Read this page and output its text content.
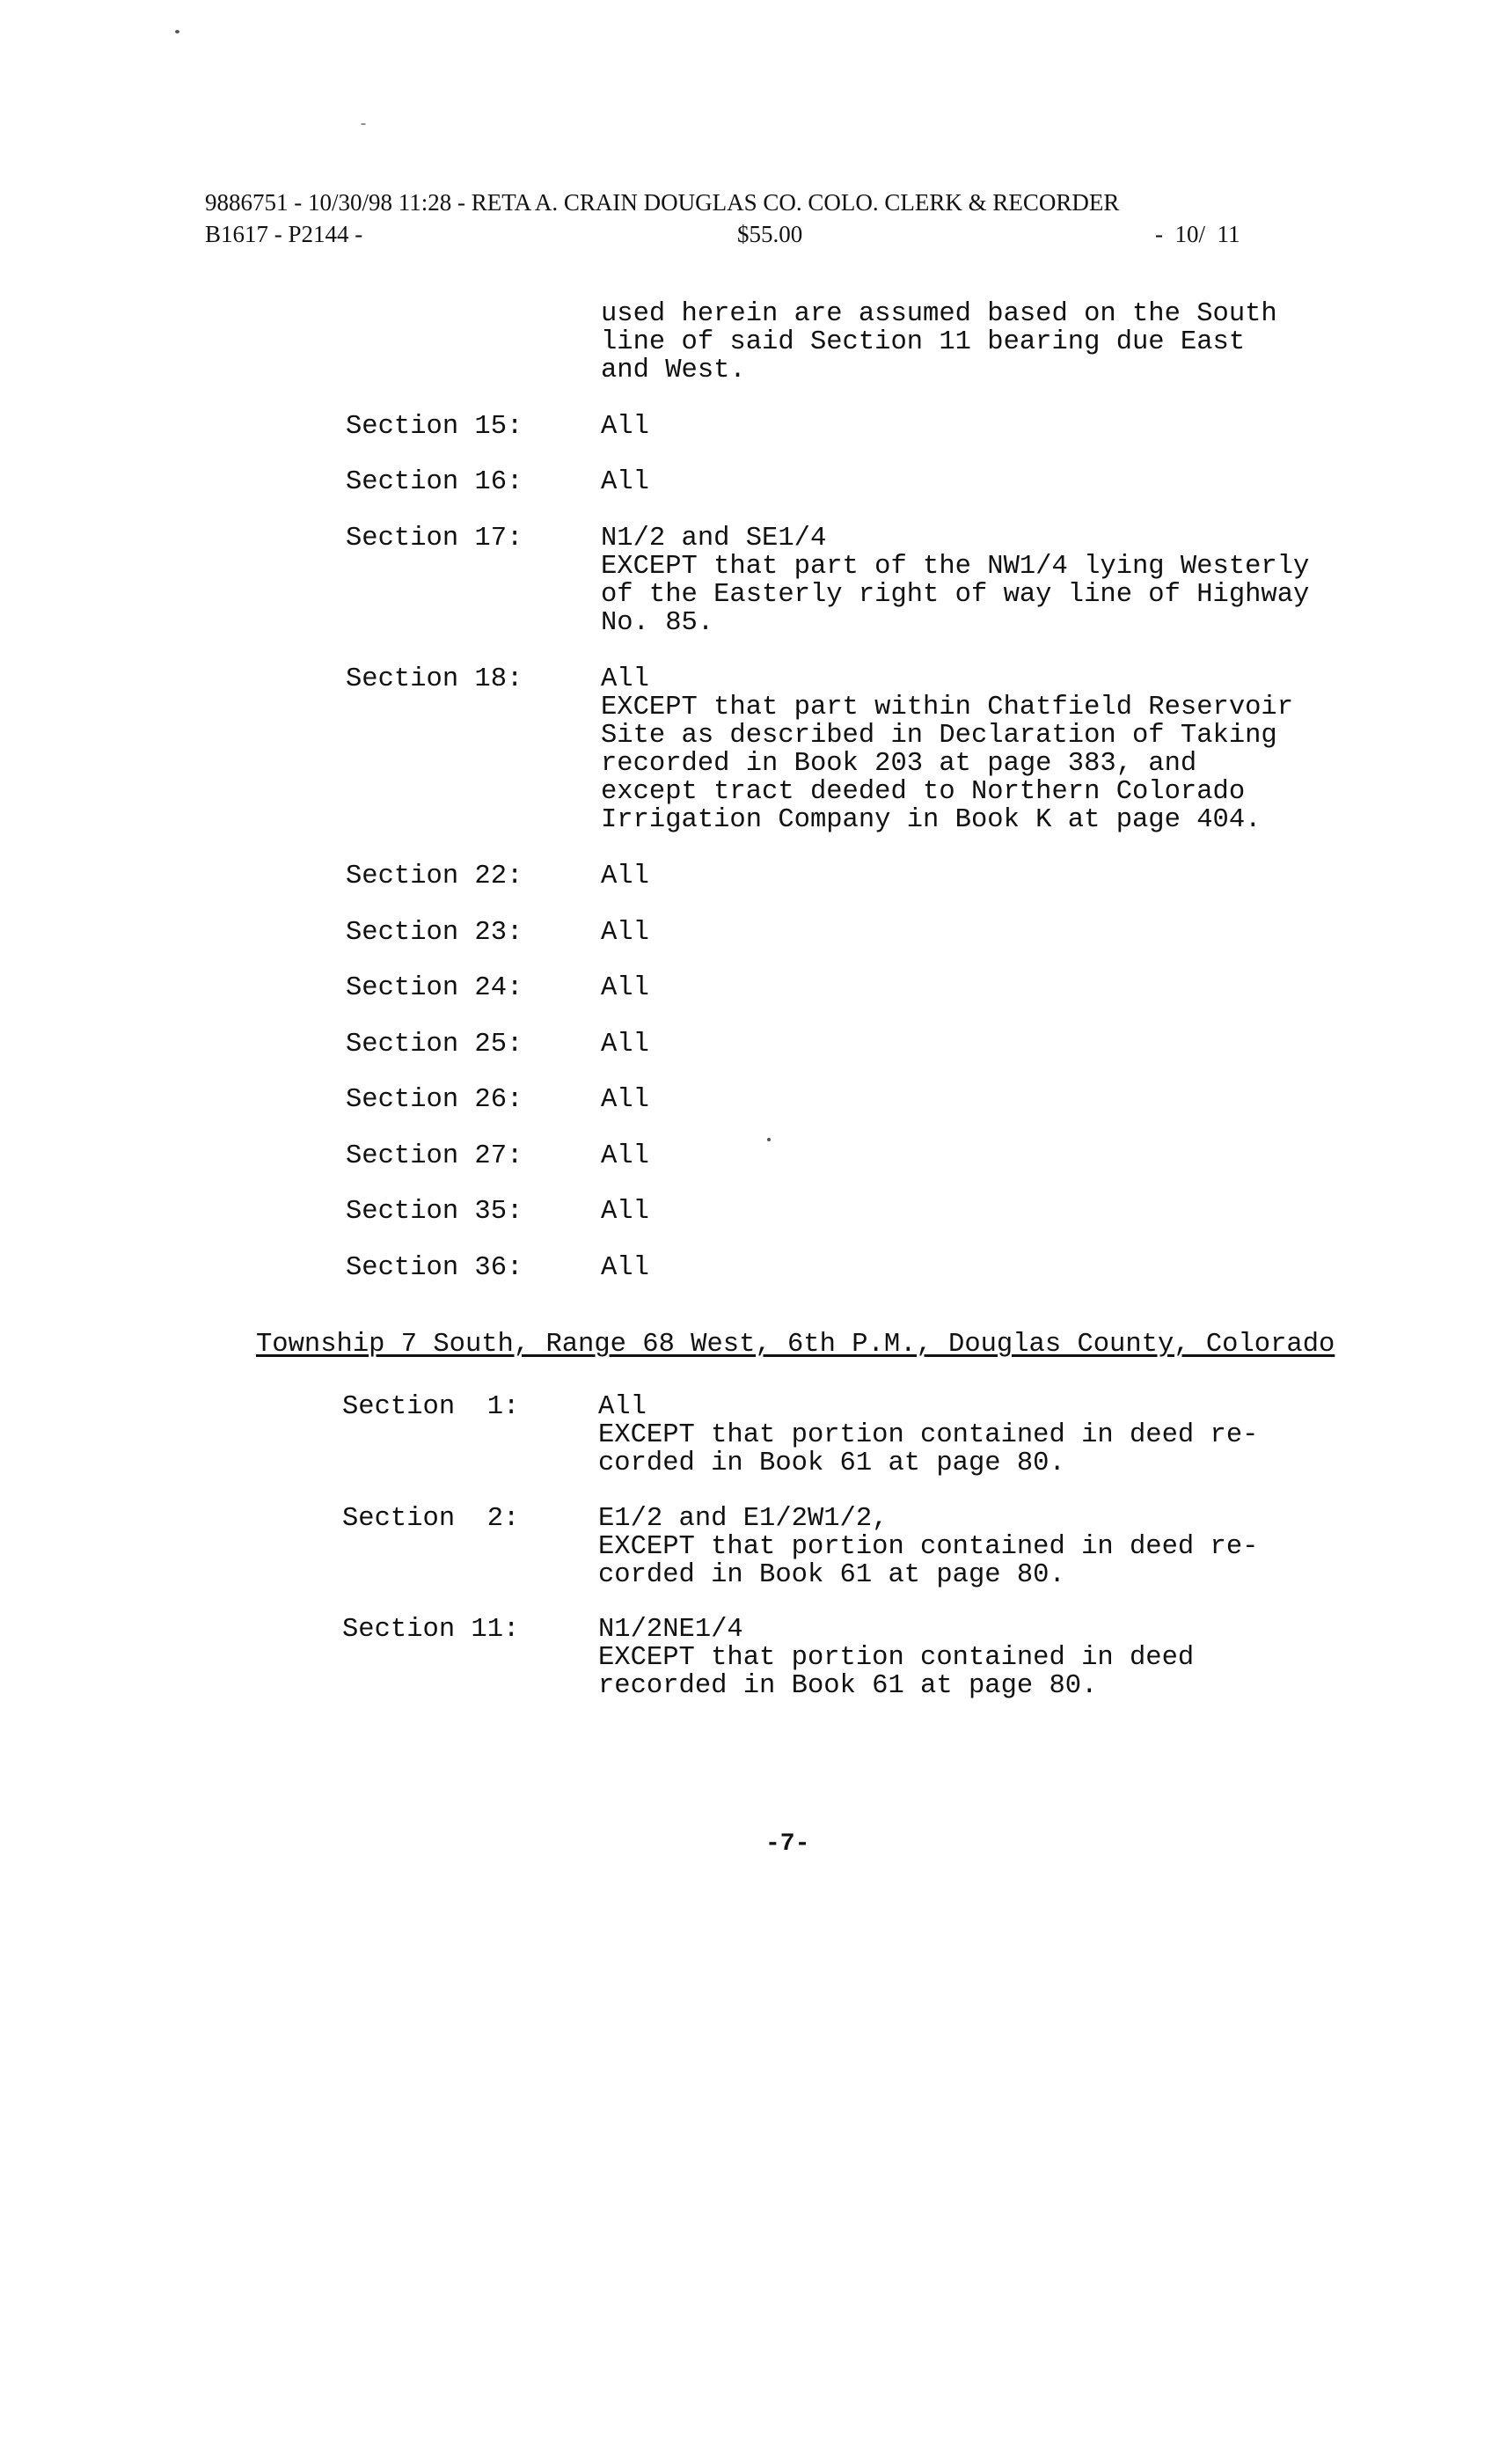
9886751 - 10/30/98 11:28 - RETA A. CRAIN DOUGLAS CO. COLO. CLERK & RECORDER

B1617 - P2144 -

	$55.00

	-  10/  11

used herein are assumed based on the South
line of said Section 11 bearing due East
and West.
Section 15:	All
Section 16:	All
Section 17:	N1/2 and SE1/4
EXCEPT that part of the NW1/4 lying Westerly
of the Easterly right of way line of Highway
No. 85.
Section 18:	All
EXCEPT that part within Chatfield Reservoir
Site as described in Declaration of Taking
recorded in Book 203 at page 383, and
except tract deeded to Northern Colorado
Irrigation Company in Book K at page 404.
Section 22:	All
Section 23:	All
Section 24:	All
Section 25:	All
Section 26:	All
Section 27:	All
Section 35:	All
Section 36:	All
Township 7 South, Range 68 West, 6th P.M., Douglas County, Colorado
Section  1:	All
EXCEPT that portion contained in deed re-
corded in Book 61 at page 80.
Section  2:	E1/2 and E1/2W1/2,
EXCEPT that portion contained in deed re-
corded in Book 61 at page 80.
Section 11:	N1/2NE1/4
EXCEPT that portion contained in deed
recorded in Book 61 at page 80.
-7-
